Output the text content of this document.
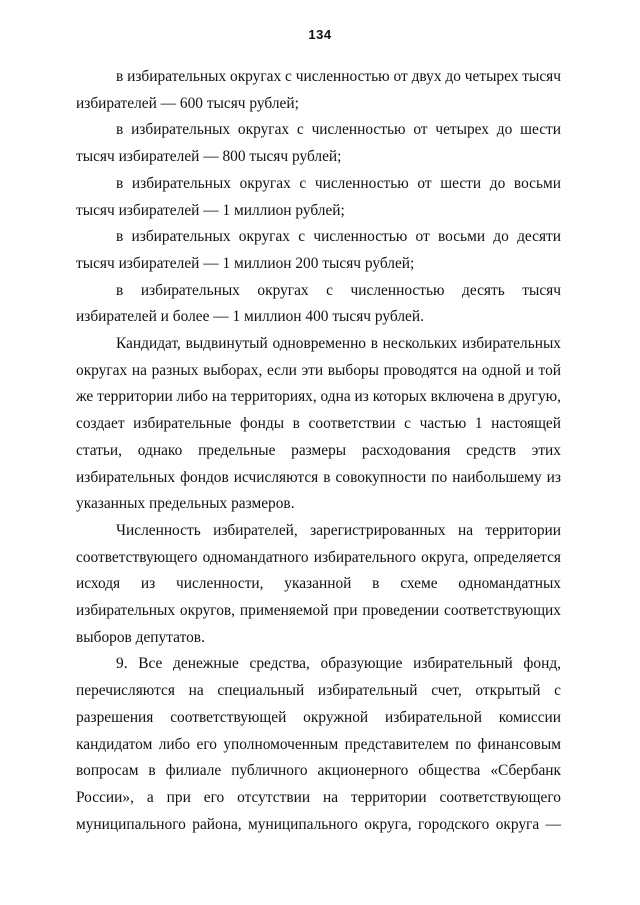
134

в избирательных округах с численностью от двух до четырех тысяч избирателей — 600 тысяч рублей;

в избирательных округах с численностью от четырех до шести тысяч избирателей — 800 тысяч рублей;

в избирательных округах с численностью от шести до восьми тысяч избирателей — 1 миллион рублей;

в избирательных округах с численностью от восьми до десяти тысяч избирателей — 1 миллион 200 тысяч рублей;

в избирательных округах с численностью десять тысяч избирателей и более — 1 миллион 400 тысяч рублей.

Кандидат, выдвинутый одновременно в нескольких избирательных округах на разных выборах, если эти выборы проводятся на одной и той же территории либо на территориях, одна из которых включена в другую, создает избирательные фонды в соответствии с частью 1 настоящей статьи, однако предельные размеры расходования средств этих избирательных фондов исчисляются в совокупности по наибольшему из указанных предельных размеров.

Численность избирателей, зарегистрированных на территории соответствующего одномандатного избирательного округа, определяется исходя из численности, указанной в схеме одномандатных избирательных округов, применяемой при проведении соответствующих выборов депутатов.

9. Все денежные средства, образующие избирательный фонд, перечисляются на специальный избирательный счет, открытый с разрешения соответствующей окружной избирательной комиссии кандидатом либо его уполномоченным представителем по финансовым вопросам в филиале публичного акционерного общества «Сбербанк России», а при его отсутствии на территории соответствующего муниципального района, муниципального округа, городского округа —
